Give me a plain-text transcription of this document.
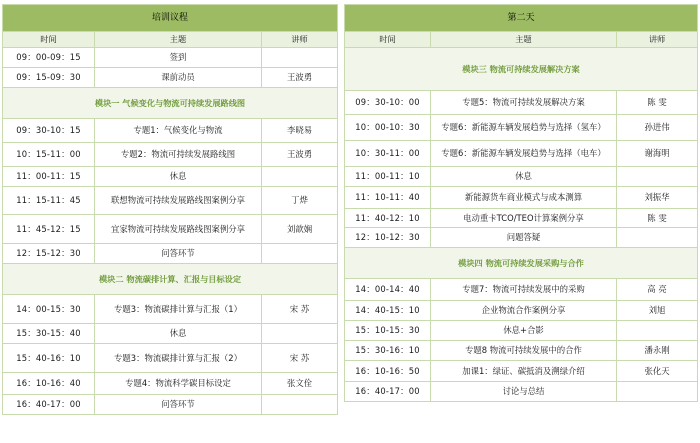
培训议程		
时间	主题	讲师
09：00-09：15	签到	
09：15-09：30	课前动员	王波勇
模块一 气候变化与物流可持续发展路线图		
09：30-10：15	专题1：气候变化与物流	李晓易
10：15-11：00	专题2：物流可持续发展路线图	王波勇
11：00-11：15	休息	
11：15-11：45	联想物流可持续发展路线图案例分享	丁烨
11：45-12：15	宜家物流可持续发展路线图案例分享	刘歆娴
12：15-12：30	问答环节	
模块二 物流碳排计算、汇报与目标设定		
14：00-15：30	专题3：物流碳排计算与汇报（1）	宋 苏
15：30-15：40	休息	
15：40-16：10	专题3：物流碳排计算与汇报（2）	宋 苏
16：10-16：40	专题4：物流科学碳目标设定	张文佺
16：40-17：00	问答环节	
第二天		
时间	主题	讲师
模块三 物流可持续发展解决方案		
09：30-10：00	专题5：物流可持续发展解决方案	陈 雯
10：00-10：30	专题6：新能源车辆发展趋势与选择（氢车）	孙进伟
10：30-11：00	专题6：新能源车辆发展趋势与选择（电车）	谢海明
11：00-11：10	休息	
11：10-11：40	新能源货车商业模式与成本测算	刘振华
11：40-12：10	电动重卡TCO/TEO计算案例分享	陈 雯
12：10-12：30	问题答疑	
模块四 物流可持续发展采购与合作		
14：00-14：40	专题7：物流可持续发展中的采购	高 亮
14：40-15：10	企业物流合作案例分享	刘旭
15：10-15：30	休息+合影	
15：30-16：10	专题8 物流可持续发展中的合作	潘永刚
16：10-16：50	加课1：绿证、碳抵消及溯绿介绍	张化天
16：40-17：00	讨论与总结	
